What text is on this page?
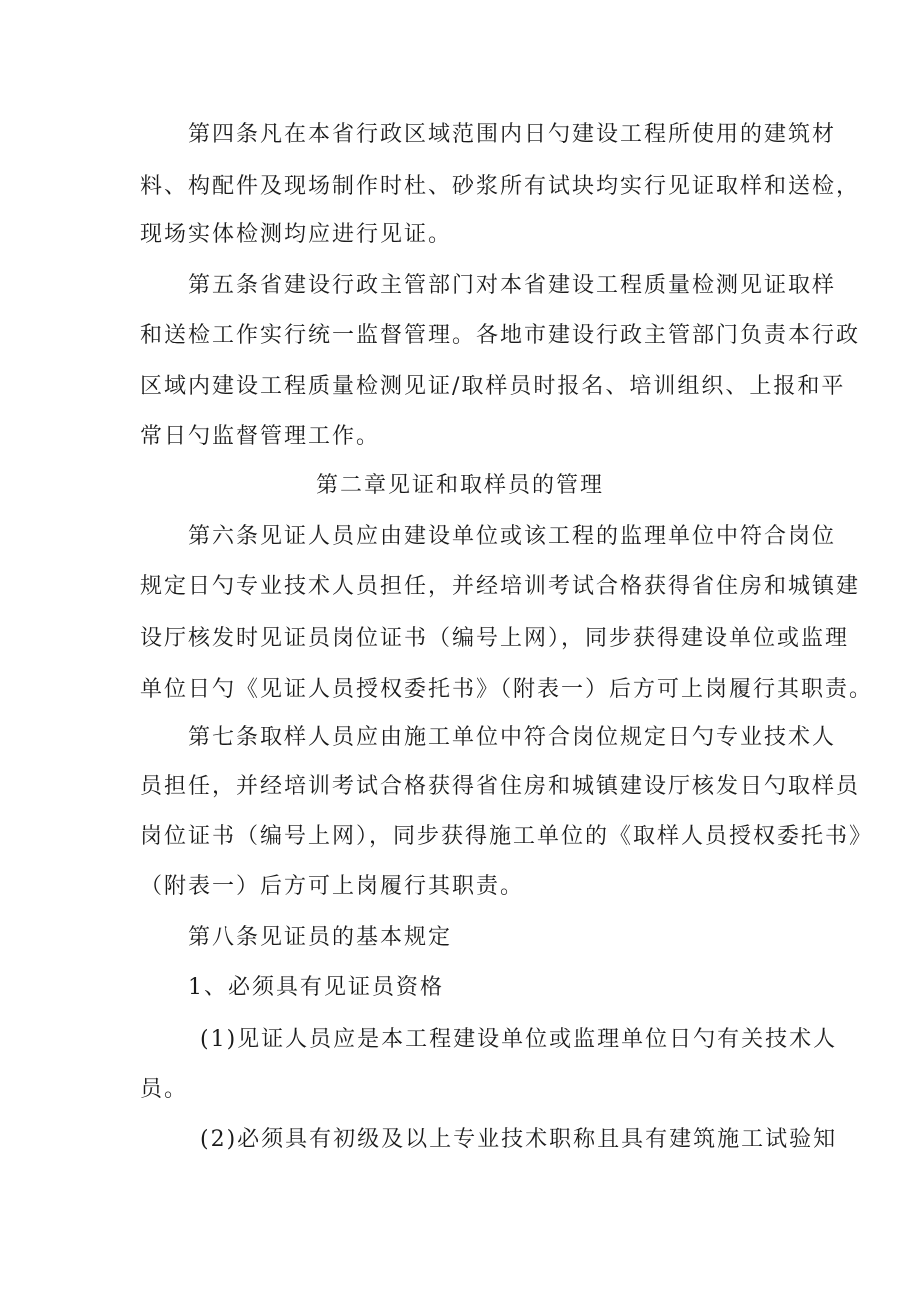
第四条凡在本省行政区域范围内日勺建设工程所使用的建筑材
料、构配件及现场制作时杜、砂浆所有试块均实行见证取样和送检，
现场实体检测均应进行见证。
第五条省建设行政主管部门对本省建设工程质量检测见证取样
和送检工作实行统一监督管理。各地市建设行政主管部门负责本行政
区域内建设工程质量检测见证/取样员时报名、培训组织、上报和平
常日勺监督管理工作。
第二章见证和取样员的管理
第六条见证人员应由建设单位或该工程的监理单位中符合岗位
规定日勺专业技术人员担任，并经培训考试合格获得省住房和城镇建
设厅核发时见证员岗位证书（编号上网），同步获得建设单位或监理
单位日勺《见证人员授权委托书》（附表一）后方可上岗履行其职责。
第七条取样人员应由施工单位中符合岗位规定日勺专业技术人
员担任，并经培训考试合格获得省住房和城镇建设厅核发日勺取样员
岗位证书（编号上网），同步获得施工单位的《取样人员授权委托书》
（附表一）后方可上岗履行其职责。
第八条见证员的基本规定
1、必须具有见证员资格
(1)见证人员应是本工程建设单位或监理单位日勺有关技术人
员。
(2)必须具有初级及以上专业技术职称且具有建筑施工试验知
